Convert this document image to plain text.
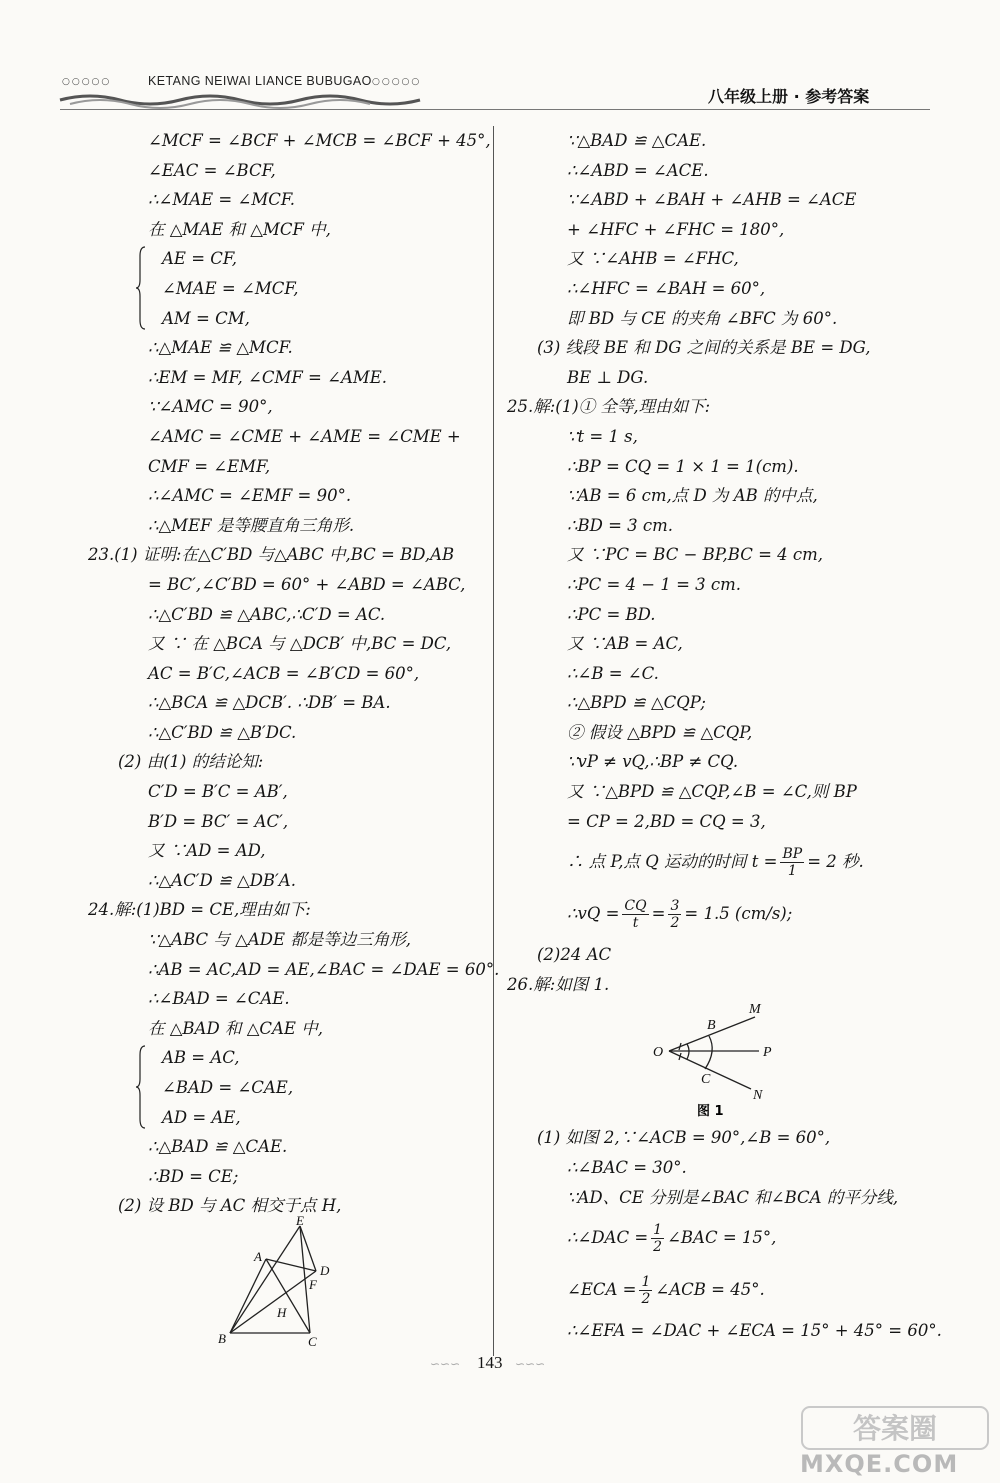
○○○○○	KETANG NEIWAI LIANCE BUBUGAO ○○○○○
八年级上册 · 参考答案
∠MCF = ∠BCF + ∠MCB = ∠BCF + 45°,
∠EAC = ∠BCF,
∴∠MAE = ∠MCF.
在 △MAE 和 △MCF 中,
AE = CF,
∠MAE = ∠MCF,
AM = CM,
∴△MAE ≌ △MCF.
∴EM = MF, ∠CMF = ∠AME.
∵∠AMC = 90°,
∠AMC = ∠CME + ∠AME = ∠CME +
CMF = ∠EMF,
∴∠AMC = ∠EMF = 90°.
∴△MEF 是等腰直角三角形.
23.(1) 证明:在△C′BD 与△ABC 中,BC = BD,AB
= BC′,∠C′BD = 60° + ∠ABD = ∠ABC,
∴△C′BD ≌ △ABC,∴C′D = AC.
又 ∵ 在 △BCA 与 △DCB′ 中,BC = DC,
AC = B′C,∠ACB = ∠B′CD = 60°,
∴△BCA ≌ △DCB′. ∴DB′ = BA.
∴△C′BD ≌ △B′DC.
(2) 由(1) 的结论知:
C′D = B′C = AB′,
B′D = BC′ = AC′,
又 ∵AD = AD,
∴△AC′D ≌ △DB′A.
24.解:(1)BD = CE,理由如下:
∵△ABC 与 △ADE 都是等边三角形,
∴AB = AC,AD = AE,∠BAC = ∠DAE = 60°.
∴∠BAD = ∠CAE.
在 △BAD 和 △CAE 中,
AB = AC,
∠BAD = ∠CAE,
AD = AE,
∴△BAD ≌ △CAE.
∴BD = CE;
(2) 设 BD 与 AC 相交于点 H,
E
A
D
F
H
B	C
∵△BAD ≌ △CAE.
∴∠ABD = ∠ACE.
∵∠ABD + ∠BAH + ∠AHB = ∠ACE
+ ∠HFC + ∠FHC = 180°,
又 ∵∠AHB = ∠FHC,
∴∠HFC = ∠BAH = 60°,
即 BD 与 CE 的夹角 ∠BFC 为 60°.
(3) 线段 BE 和 DG 之间的关系是 BE = DG,
BE ⊥ DG.
25.解:(1)① 全等,理由如下:
∵t = 1 s,
∴BP = CQ = 1 × 1 = 1(cm).
∵AB = 6 cm,点 D 为 AB 的中点,
∴BD = 3 cm.
又 ∵PC = BC − BP,BC = 4 cm,
∴PC = 4 − 1 = 3 cm.
∴PC = BD.
又 ∵AB = AC,
∴∠B = ∠C.
∴△BPD ≌ △CQP;
② 假设 △BPD ≌ △CQP,
∵vP ≠ vQ,∴BP ≠ CQ.
又 ∵△BPD ≌ △CQP,∠B = ∠C,则 BP
= CP = 2,BD = CQ = 3,
∴ 点 P,点 Q 运动的时间 $t = \frac{BP}{1} = 2$ 秒.
∴vQ = $\frac{CQ}{t} = \frac{3}{2} = 1.5$ (cm/s);
(2)24 AC
26.解:如图 1.
B
M
O	P
C
N
图 1
(1) 如图 2,∵∠ACB = 90°,∠B = 60°,
∴∠BAC = 30°.
∵AD、CE 分别是∠BAC 和∠BCA 的平分线,
∴∠DAC = $\frac{1}{2}$ ∠BAC = 15°,
∠ECA = $\frac{1}{2}$ ∠ACB = 45°.
∴∠EFA = ∠DAC + ∠ECA = 15° + 45° = 60°.
143
∽∽∽	∽∽∽
答案圈
MXQE.COM
